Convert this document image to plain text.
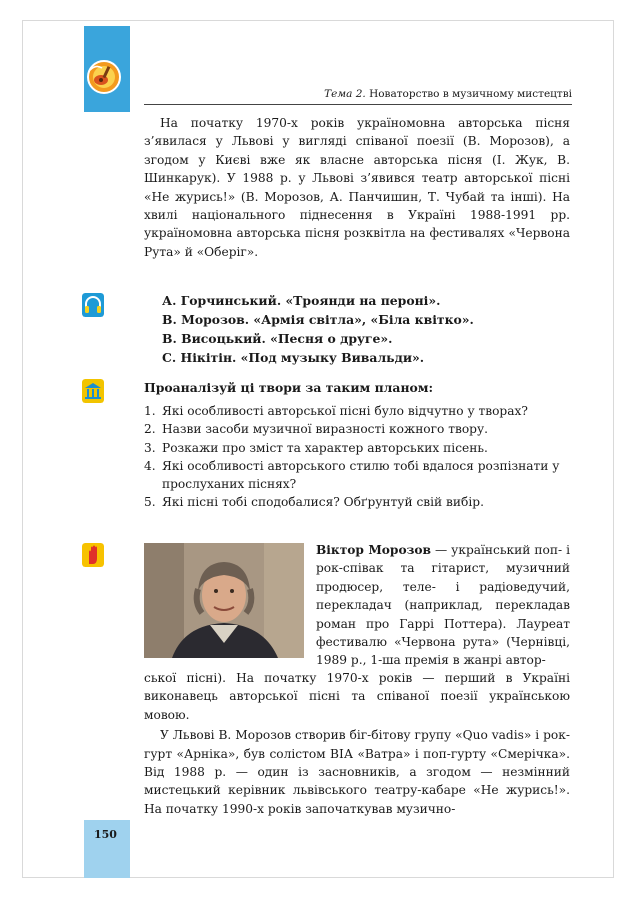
Тема 2. Новаторство в музичному мистецтві

На початку 1970-х років україномовна авторська пісня з’явилася у Львові у вигляді співаної поезії (В. Морозов), а згодом у Києві вже як власне авторська пісня (І. Жук, В. Шинкарук). У 1988 р. у Львові з’явився театр авторської пісні «Не журись!» (В. Морозов, А. Панчишин, Т. Чубай та інші). На хвилі національного піднесення в Україні 1988-1991 рр. україномовна авторська пісня розквітла на фестивалях «Червона Рута» й «Оберіг».

А. Горчинський. «Троянди на пероні».
В. Морозов. «Армія світла», «Біла квітко».
В. Висоцький. «Песня о друге».
С. Нікітін. «Под музыку Вивальди».

Проаналізуй ці твори за таким планом:

1. Які особливості авторської пісні було відчутно у творах?
2. Назви засоби музичної виразності кожного твору.
3. Розкажи про зміст та характер авторських пісень.
4. Які особливості авторського стилю тобі вдалося розпізнати у прослуханих піснях?
5. Які пісні тобі сподобалися? Обґрунтуй свій вибір.

Віктор Морозов — український поп- і рок-співак та гітарист, музичний продюсер, теле- і радіоведучий, перекладач (наприклад, перекладав роман про Гаррі Поттера). Лауреат фестивалю «Червона рута» (Чернівці, 1989 р., 1-ша премія в жанрі автор-

ської пісні). На початку 1970-х років — перший в Україні виконавець авторської пісні та співаної поезії українською мовою.

У Львові В. Морозов створив біг-бітову групу «Quo vadis» і рок-гурт «Арніка», був солістом ВІА «Ватра» і поп-гурту «Смерічка». Від 1988 р. — один із засновників, а згодом — незмінний мистецький керівник львівського театру-кабаре «Не журись!». На початку 1990-х років започаткував музично-

150
